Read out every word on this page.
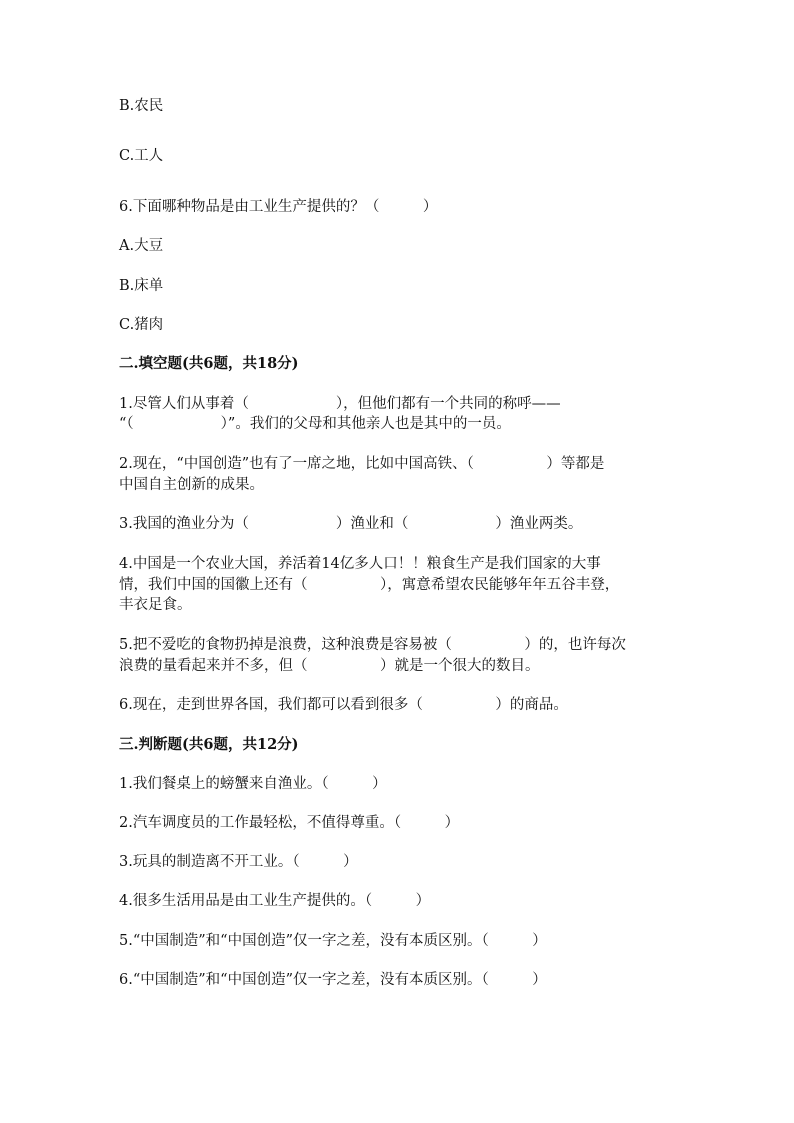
B.农民
C.工人
6.下面哪种物品是由工业生产提供的？（　　　）
A.大豆
B.床单
C.猪肉
二.填空题(共6题，共18分)
1.尽管人们从事着（　　　　　　），但他们都有一个共同的称呼——
“（　　　　　　）”。我们的父母和其他亲人也是其中的一员。
2.现在，“中国创造”也有了一席之地，比如中国高铁、（　　　　　）等都是
中国自主创新的成果。
3.我国的渔业分为（　　　　　　）渔业和（　　　　　　）渔业两类。
4.中国是一个农业大国，养活着14亿多人口！！粮食生产是我们国家的大事
情，我们中国的国徽上还有（　　　　　），寓意希望农民能够年年五谷丰登，
丰衣足食。
5.把不爱吃的食物扔掉是浪费，这种浪费是容易被（　　　　　）的，也许每次
浪费的量看起来并不多，但（　　　　　）就是一个很大的数目。
6.现在，走到世界各国，我们都可以看到很多（　　　　　）的商品。
三.判断题(共6题，共12分)
1.我们餐桌上的螃蟹来自渔业。（　　　）
2.汽车调度员的工作最轻松，不值得尊重。（　　　）
3.玩具的制造离不开工业。（　　　）
4.很多生活用品是由工业生产提供的。（　　　）
5.“中国制造”和“中国创造”仅一字之差，没有本质区别。（　　　）
6.“中国制造”和“中国创造”仅一字之差，没有本质区别。（　　　）
